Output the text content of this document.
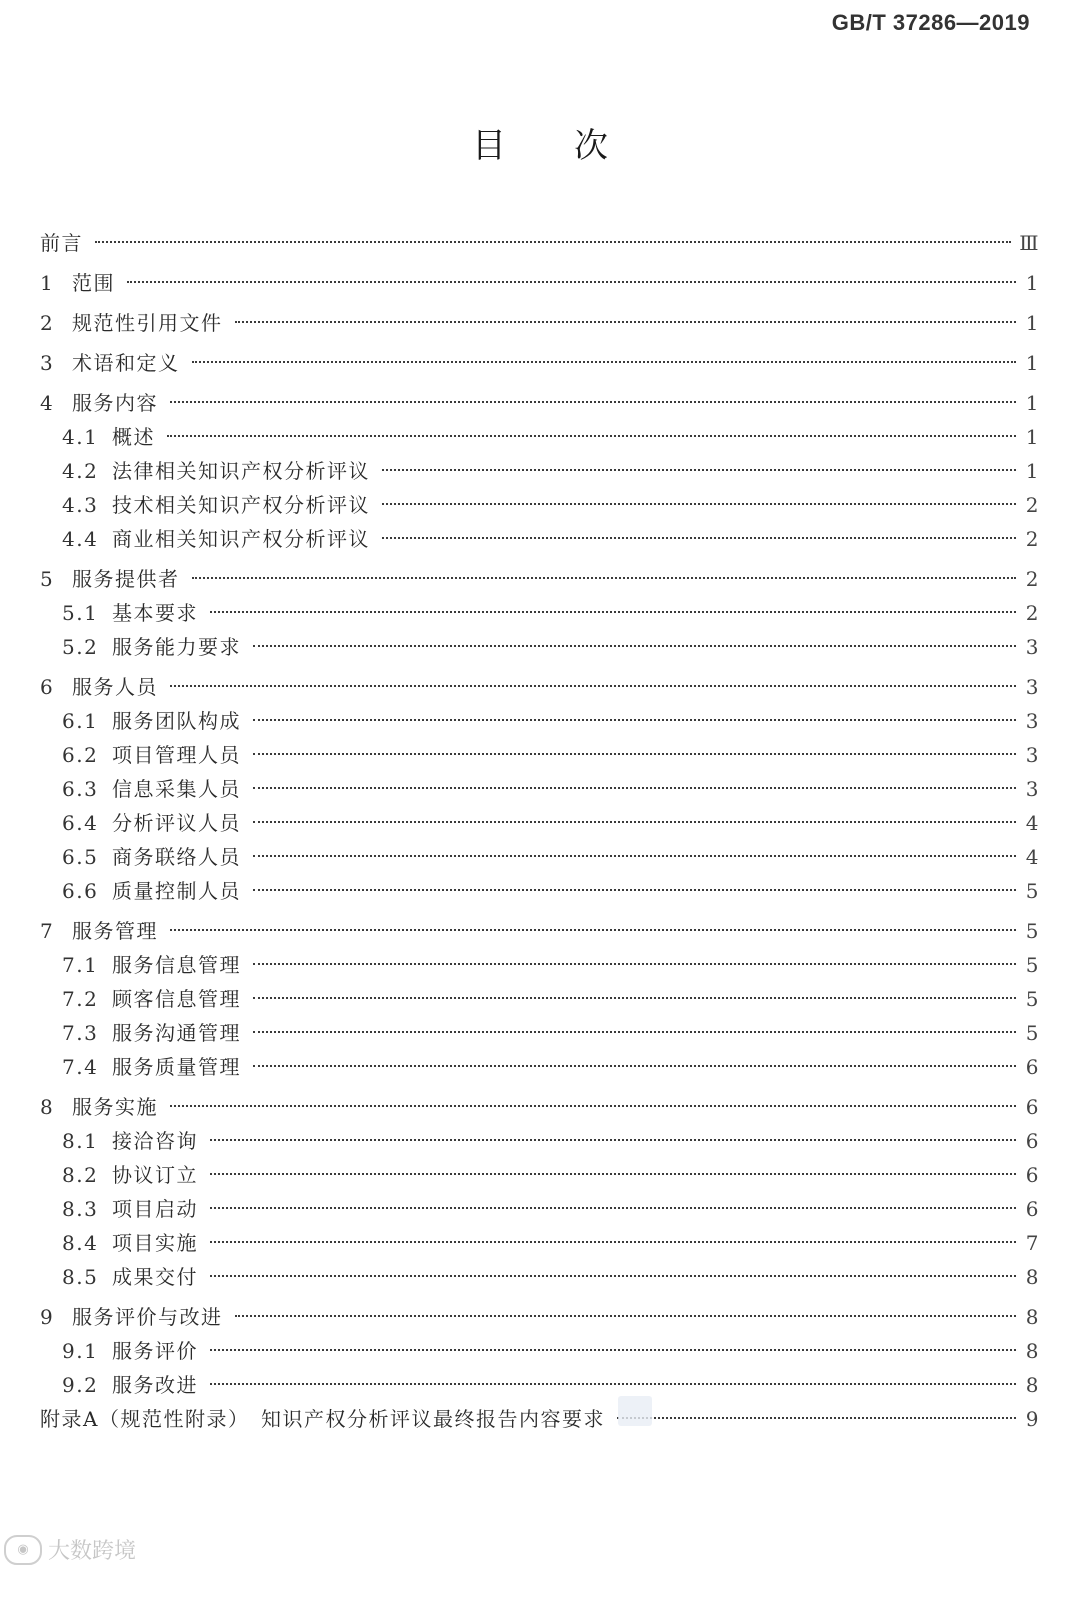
GB/T 37286—2019
目　　次
前言	Ⅲ
1 范围	1
2 规范性引用文件	1
3 术语和定义	1
4 服务内容	1
4.1 概述	1
4.2 法律相关知识产权分析评议	1
4.3 技术相关知识产权分析评议	2
4.4 商业相关知识产权分析评议	2
5 服务提供者	2
5.1 基本要求	2
5.2 服务能力要求	3
6 服务人员	3
6.1 服务团队构成	3
6.2 项目管理人员	3
6.3 信息采集人员	3
6.4 分析评议人员	4
6.5 商务联络人员	4
6.6 质量控制人员	5
7 服务管理	5
7.1 服务信息管理	5
7.2 顾客信息管理	5
7.3 服务沟通管理	5
7.4 服务质量管理	6
8 服务实施	6
8.1 接洽咨询	6
8.2 协议订立	6
8.3 项目启动	6
8.4 项目实施	7
8.5 成果交付	8
9 服务评价与改进	8
9.1 服务评价	8
9.2 服务改进	8
附录A（规范性附录）　知识产权分析评议最终报告内容要求	9
◉ 大数跨境
